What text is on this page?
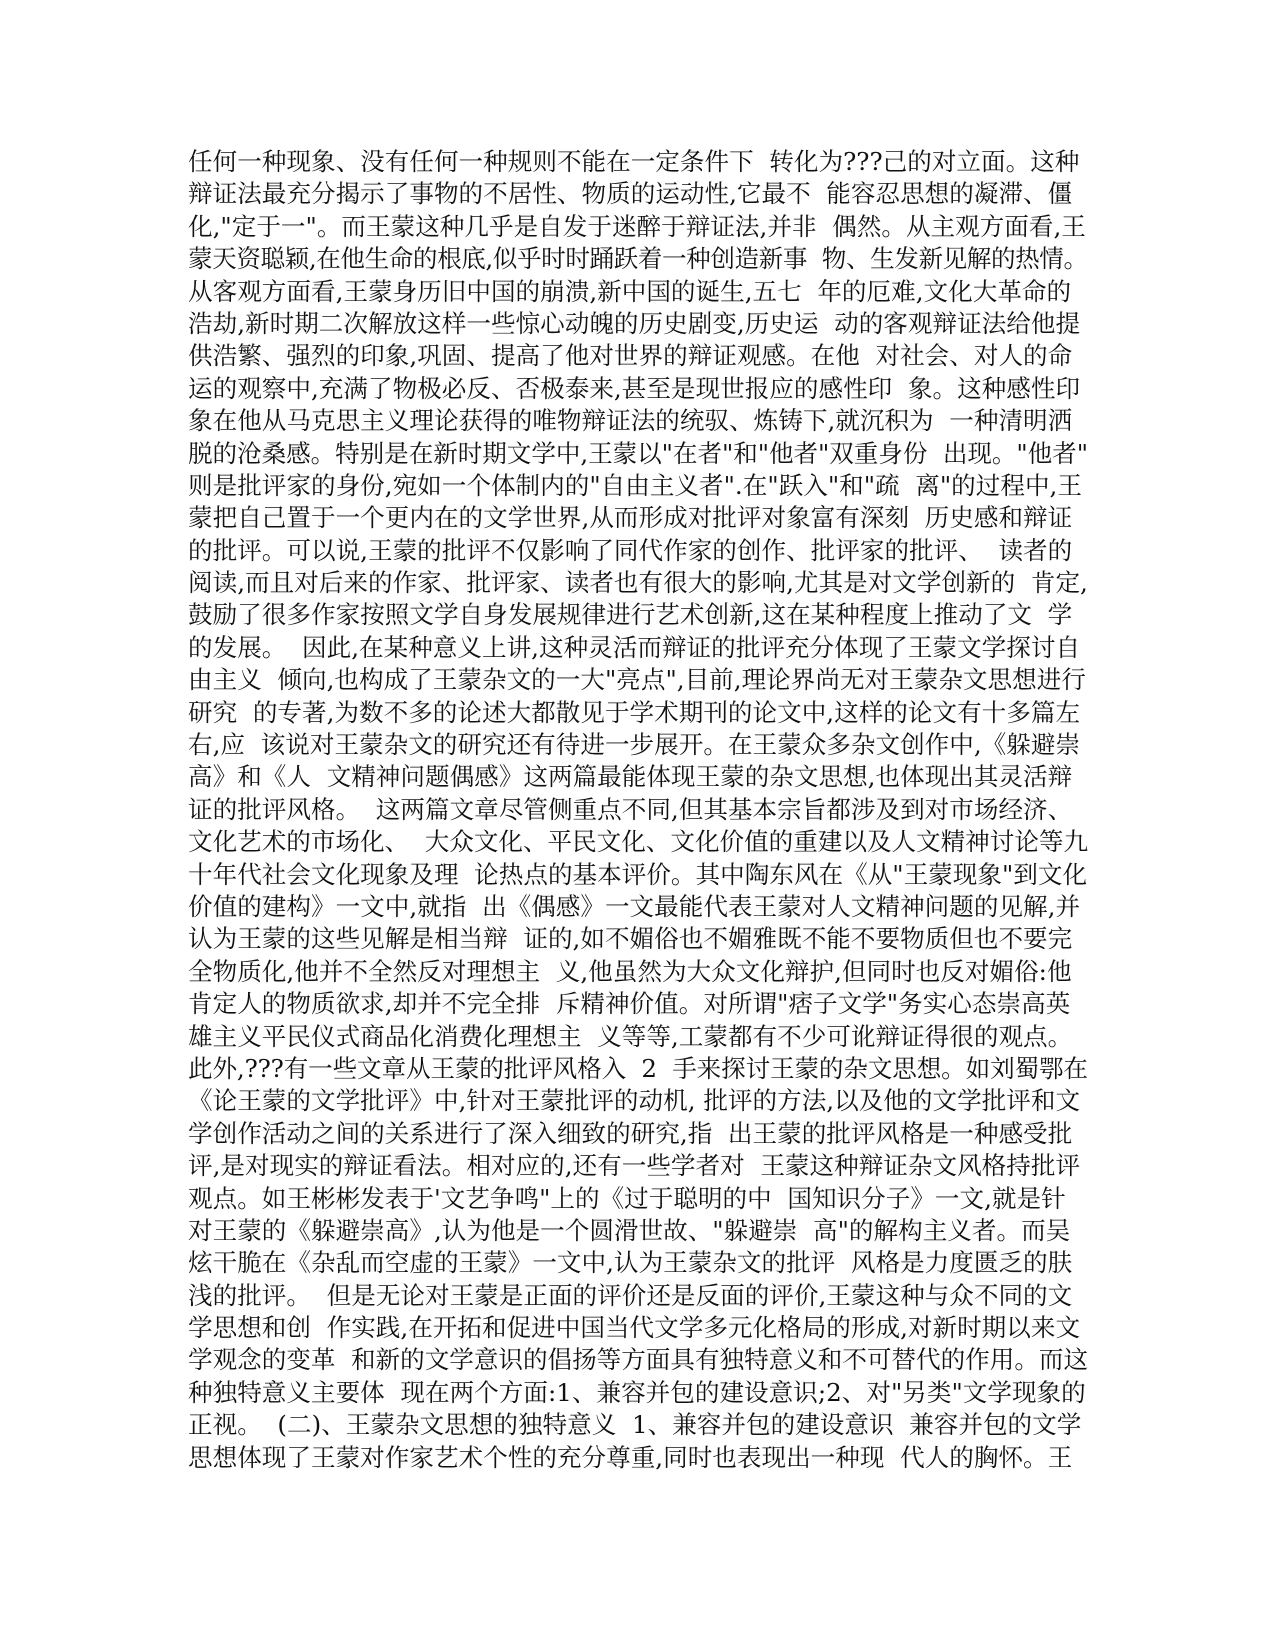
任何一种现象、没有任何一种规则不能在一定条件下  转化为???己的对立面。这种
辩证法最充分揭示了事物的不居性、物质的运动性,它最不  能容忍思想的凝滞、僵
化,"定于一"。而王蒙这种几乎是自发于迷醉于辩证法,并非  偶然。从主观方面看,王
蒙天资聪颖,在他生命的根底,似乎时时踊跃着一种创造新事  物、生发新见解的热情。
从客观方面看,王蒙身历旧中国的崩溃,新中国的诞生,五七  年的厄难,文化大革命的
浩劫,新时期二次解放这样一些惊心动魄的历史剧变,历史运  动的客观辩证法给他提
供浩繁、强烈的印象,巩固、提高了他对世界的辩证观感。在他  对社会、对人的命
运的观察中,充满了物极必反、否极泰来,甚至是现世报应的感性印  象。这种感性印
象在他从马克思主义理论获得的唯物辩证法的统驭、炼铸下,就沉积为  一种清明洒
脱的沧桑感。特别是在新时期文学中,王蒙以"在者"和"他者"双重身份  出现。"他者"
则是批评家的身份,宛如一个体制内的"自由主义者".在"跃入"和"疏  离"的过程中,王
蒙把自己置于一个更内在的文学世界,从而形成对批评对象富有深刻  历史感和辩证
的批评。可以说,王蒙的批评不仅影响了同代作家的创作、批评家的批评、  读者的
阅读,而且对后来的作家、批评家、读者也有很大的影响,尤其是对文学创新的  肯定,
鼓励了很多作家按照文学自身发展规律进行艺术创新,这在某种程度上推动了文  学
的发展。  因此,在某种意义上讲,这种灵活而辩证的批评充分体现了王蒙文学探讨自
由主义  倾向,也构成了王蒙杂文的一大"亮点",目前,理论界尚无对王蒙杂文思想进行
研究  的专著,为数不多的论述大都散见于学术期刊的论文中,这样的论文有十多篇左
右,应  该说对王蒙杂文的研究还有待进一步展开。在王蒙众多杂文创作中,《躲避崇
高》和《人  文精神问题偶感》这两篇最能体现王蒙的杂文思想,也体现出其灵活辩
证的批评风格。  这两篇文章尽管侧重点不同,但其基本宗旨都涉及到对市场经济、
文化艺术的市场化、  大众文化、平民文化、文化价值的重建以及人文精神讨论等九
十年代社会文化现象及理  论热点的基本评价。其中陶东风在《从"王蒙现象"到文化
价值的建构》一文中,就指  出《偶感》一文最能代表王蒙对人文精神问题的见解,并
认为王蒙的这些见解是相当辩  证的,如不媚俗也不媚雅既不能不要物质但也不要完
全物质化,他并不全然反对理想主  义,他虽然为大众文化辩护,但同时也反对媚俗:他
肯定人的物质欲求,却并不完全排  斥精神价值。对所谓"痞子文学"务实心态崇高英
雄主义平民仪式商品化消费化理想主  义等等,工蒙都有不少可讹辩证得很的观点。
此外,???有一些文章从王蒙的批评风格入  2  手来探讨王蒙的杂文思想。如刘蜀鄂在
《论王蒙的文学批评》中,针对王蒙批评的动机, 批评的方法,以及他的文学批评和文
学创作活动之间的关系进行了深入细致的研究,指  出王蒙的批评风格是一种感受批
评,是对现实的辩证看法。相对应的,还有一些学者对  王蒙这种辩证杂文风格持批评
观点。如王彬彬发表于'文艺争鸣"上的《过于聪明的中  国知识分子》一文,就是针
对王蒙的《躲避崇高》,认为他是一个圆滑世故、"躲避崇  高"的解构主义者。而吴
炫干脆在《杂乱而空虚的王蒙》一文中,认为王蒙杂文的批评  风格是力度匮乏的肤
浅的批评。  但是无论对王蒙是正面的评价还是反面的评价,王蒙这种与众不同的文
学思想和创  作实践,在开拓和促进中国当代文学多元化格局的形成,对新时期以来文
学观念的变革  和新的文学意识的倡扬等方面具有独特意义和不可替代的作用。而这
种独特意义主要体  现在两个方面:1、兼容并包的建设意识;2、对"另类"文学现象的
正视。  (二)、王蒙杂文思想的独特意义  1、兼容并包的建设意识  兼容并包的文学
思想体现了王蒙对作家艺术个性的充分尊重,同时也表现出一种现  代人的胸怀。王
